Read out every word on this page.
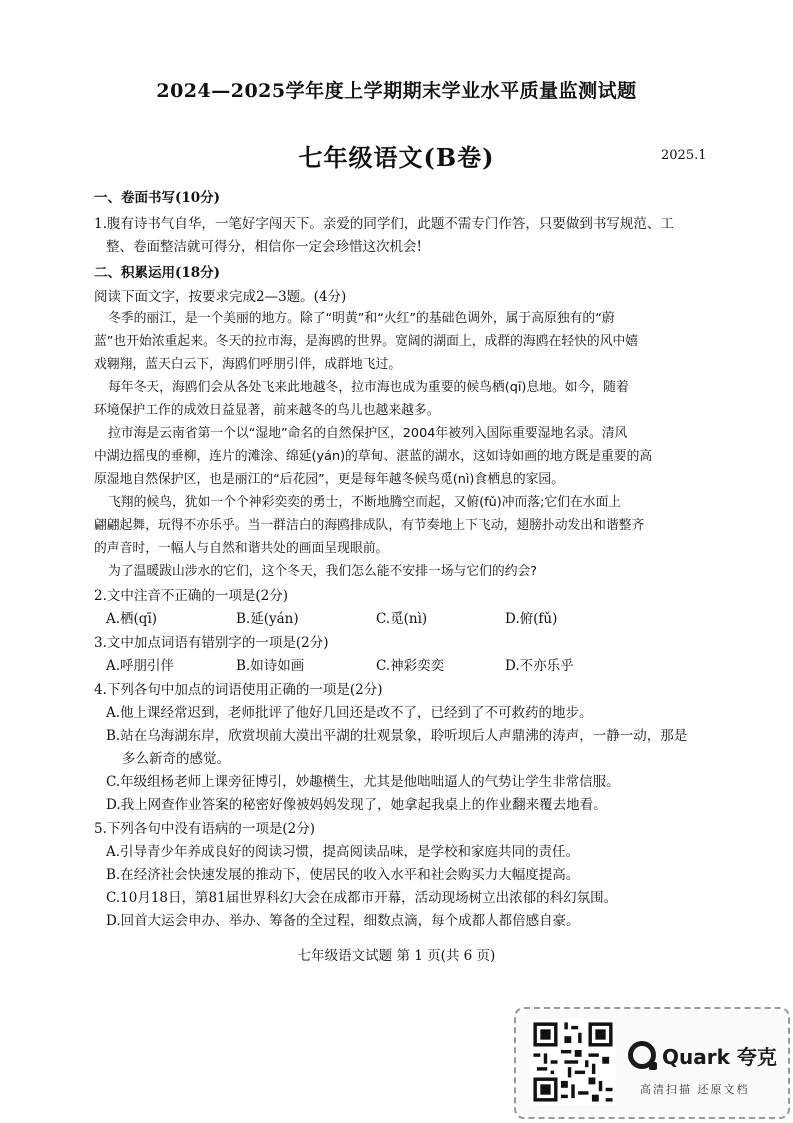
2024—2025学年度上学期期末学业水平质量监测试题
七年级语文(B卷)	2025.1
一、卷面书写(10分)
1.腹有诗书气自华，一笔好字闯天下。亲爱的同学们，此题不需专门作答，只要做到书写规范、工
整、卷面整洁就可得分，相信你一定会珍惜这次机会!
二、积累运用(18分)
阅读下面文字，按要求完成2—3题。(4分)
冬季的丽江，是一个美丽的地方。除了“明黄”和“火红”的基础色调外，属于高原独有的“蔚
蓝”也开始浓重起来。冬天的拉市海，是海鸥的世界。宽阔的湖面上，成群的海鸥在轻快的风中嬉
戏翱翔，蓝天白云下，海鸥们呼朋引伴，成群地飞过。
每年冬天，海鸥们会从各处飞来此地越冬，拉市海也成为重要的候鸟栖(qī)息地。如今，随着
环境保护工作的成效日益显著，前来越冬的鸟儿也越来越多。
拉市海是云南省第一个以“湿地”命名的自然保护区，2004年被列入国际重要湿地名录。清风
中湖边摇曳的垂柳，连片的滩涂、绵延(yán)的草甸、湛蓝的湖水，这如诗如画的地方既是重要的高
原湿地自然保护区，也是丽江的“后花园”，更是每年越冬候鸟觅(nì)食栖息的家园。
飞翔的候鸟，犹如一个个神彩奕奕的勇士，不断地腾空而起，又俯(fǔ)冲而落;它们在水面上
翩翩起舞，玩得不亦乐乎。当一群洁白的海鸥排成队，有节奏地上下飞动，翅膀扑动发出和谐整齐
的声音时，一幅人与自然和谐共处的画面呈现眼前。
为了温暖跋山涉水的它们，这个冬天，我们怎么能不安排一场与它们的约会?
2.文中注音不正确的一项是(2分)
A.栖(qī)	B.延(yán)	C.觅(nì)	D.俯(fǔ)
3.文中加点词语有错别字的一项是(2分)
A.呼朋引伴	B.如诗如画	C.神彩奕奕	D.不亦乐乎
4.下列各句中加点的词语使用正确的一项是(2分)
A.他上课经常迟到，老师批评了他好几回还是改不了，已经到了不可救药的地步。
B.站在乌海湖东岸，欣赏坝前大漠出平湖的壮观景象，聆听坝后人声鼎沸的涛声，一静一动，那是
多么新奇的感觉。
C.年级组杨老师上课旁征博引，妙趣横生，尤其是他咄咄逼人的气势让学生非常信服。
D.我上网查作业答案的秘密好像被妈妈发现了，她拿起我桌上的作业翻来覆去地看。
5.下列各句中没有语病的一项是(2分)
A.引导青少年养成良好的阅读习惯，提高阅读品味，是学校和家庭共同的责任。
B.在经济社会快速发展的推动下，使居民的收入水平和社会购买力大幅度提高。
C.10月18日，第81届世界科幻大会在成都市开幕，活动现场树立出浓郁的科幻氛围。
D.回首大运会申办、举办、筹备的全过程，细数点滴，每个成都人都倍感自豪。
七年级语文试题 第 1 页(共 6 页)
Quark 夸克
高清扫描 还原文档
